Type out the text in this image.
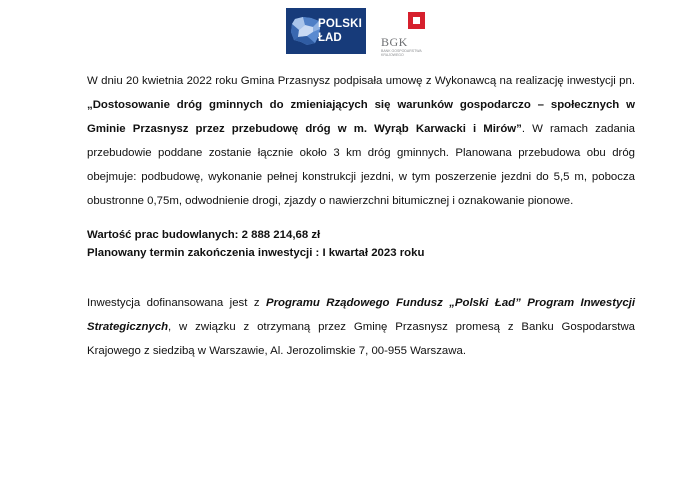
POLSKI
ŁAD	BGK
BANK GOSPODARSTWA KRAJOWEGO

W dniu 20 kwietnia 2022 roku Gmina Przasnysz podpisała umowę z Wykonawcą na realizację inwestycji pn. „Dostosowanie dróg gminnych do zmieniających się warunków gospodarczo – społecznych w Gminie Przasnysz przez przebudowę dróg w m. Wyrąb Karwacki i Mirów”. W ramach zadania przebudowie poddane zostanie łącznie około 3 km dróg gminnych. Planowana przebudowa obu dróg obejmuje: podbudowę, wykonanie pełnej konstrukcji jezdni, w tym poszerzenie jezdni do 5,5 m, pobocza obustronne 0,75m, odwodnienie drogi, zjazdy o nawierzchni bitumicznej i oznakowanie pionowe.

Wartość prac budowlanych: 2 888 214,68 zł
Planowany termin zakończenia inwestycji : I kwartał 2023 roku

Inwestycja dofinansowana jest z Programu Rządowego Fundusz „Polski Ład” Program Inwestycji Strategicznych, w związku z otrzymaną przez Gminę Przasnysz promesą z Banku Gospodarstwa Krajowego z siedzibą w Warszawie, Al. Jerozolimskie 7, 00-955 Warszawa.
